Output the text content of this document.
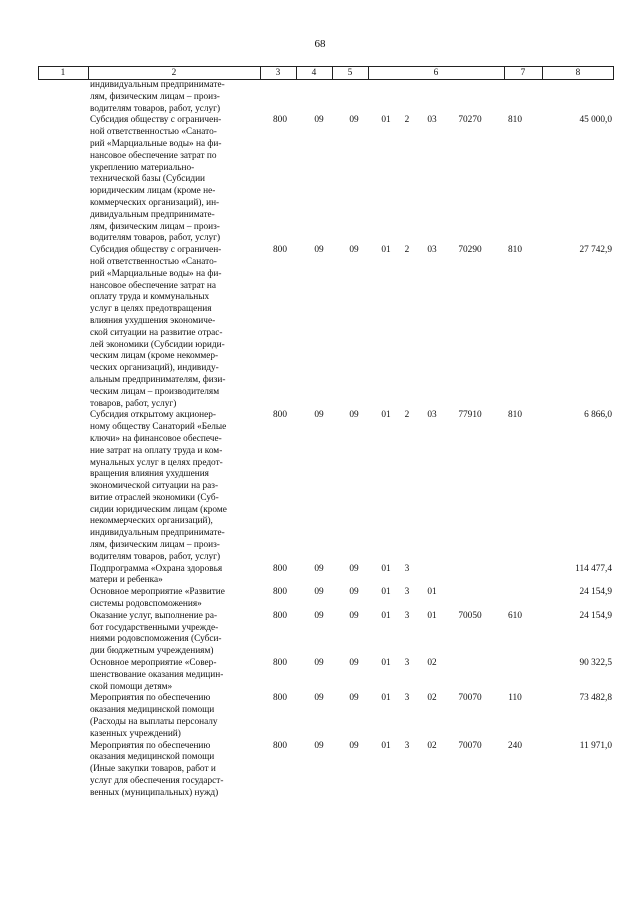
68
1	2	3	4	5	6	7	8
индивидуальным предпринимате-
лям, физическим лицам – произ-
водителям товаров, работ, услуг)
Субсидия обществу с ограничен-
ной ответственностью «Санато-
рий «Марциальные воды» на фи-
нансовое обеспечение затрат по
укреплению материально-
технической базы (Субсидии
юридическим лицам (кроме не-
коммерческих организаций), ин-
дивидуальным предпринимате-
лям, физическим лицам – произ-
водителям товаров, работ, услуг)
800	09	09	01	2	03	70270	810	45 000,0
Субсидия обществу с ограничен-
ной ответственностью «Санато-
рий «Марциальные воды» на фи-
нансовое обеспечение затрат на
оплату труда и коммунальных
услуг в целях предотвращения
влияния ухудшения экономиче-
ской ситуации на развитие отрас-
лей экономики (Субсидии юриди-
ческим лицам (кроме некоммер-
ческих организаций), индивиду-
альным предпринимателям, физи-
ческим лицам – производителям
товаров, работ, услуг)
800	09	09	01	2	03	70290	810	27 742,9
Субсидия открытому акционер-
ному обществу Санаторий «Белые
ключи» на финансовое обеспече-
ние затрат на оплату труда и ком-
мунальных услуг в целях предот-
вращения влияния ухудшения
экономической ситуации на раз-
витие отраслей экономики (Суб-
сидии юридическим лицам (кроме
некоммерческих организаций),
индивидуальным предпринимате-
лям, физическим лицам – произ-
водителям товаров, работ, услуг)
800	09	09	01	2	03	77910	810	6 866,0
Подпрограмма «Охрана здоровья
матери и ребенка»
800	09	09	01	3	114 477,4
Основное мероприятие «Развитие
системы родовспоможения»
800	09	09	01	3	01	24 154,9
Оказание услуг, выполнение ра-
бот государственными учрежде-
ниями родовспоможения (Субси-
дии бюджетным учреждениям)
800	09	09	01	3	01	70050	610	24 154,9
Основное мероприятие «Совер-
шенствование оказания медицин-
ской помощи детям»
800	09	09	01	3	02	90 322,5
Мероприятия по обеспечению
оказания медицинской помощи
(Расходы на выплаты персоналу
казенных учреждений)
800	09	09	01	3	02	70070	110	73 482,8
Мероприятия по обеспечению
оказания медицинской помощи
(Иные закупки товаров, работ и
услуг для обеспечения государст-
венных (муниципальных) нужд)
800	09	09	01	3	02	70070	240	11 971,0
